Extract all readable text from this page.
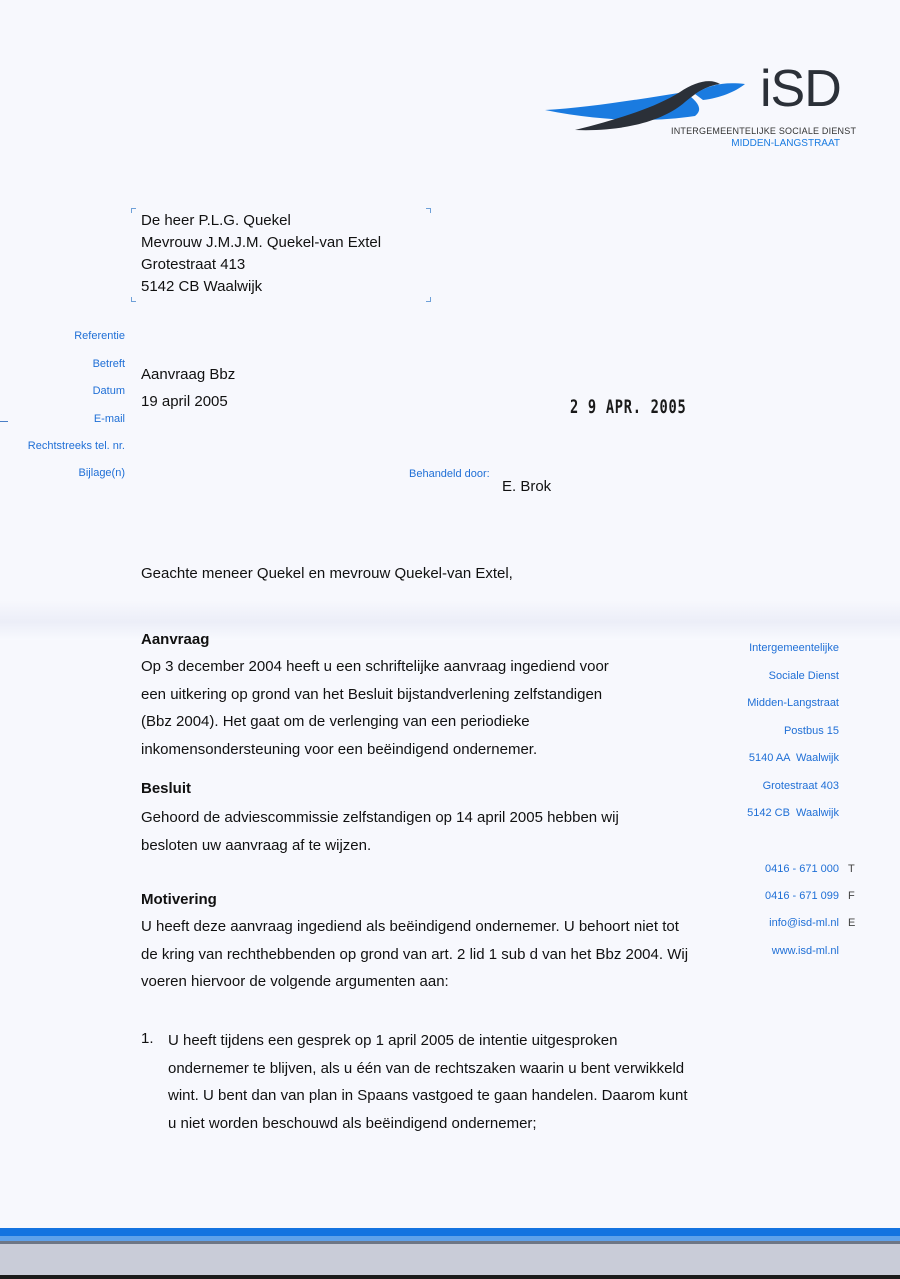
iSD
INTERGEMEENTELIJKE SOCIALE DIENST
MIDDEN-LANGSTRAAT
De heer P.L.G. Quekel
Mevrouw J.M.J.M. Quekel-van Extel
Grotestraat 413
5142 CB Waalwijk
Referentie
Betreft
Datum
E-mail
Rechtstreeks tel. nr.
Bijlage(n)
Aanvraag Bbz
19 april 2005	2 9 APR. 2005
Behandeld door:
E. Brok
Geachte meneer Quekel en mevrouw Quekel-van Extel,
Aanvraag
Op 3 december 2004 heeft u een schriftelijke aanvraag ingediend voor
een uitkering op grond van het Besluit bijstandverlening zelfstandigen
(Bbz 2004). Het gaat om de verlenging van een periodieke
inkomensondersteuning voor een beëindigend ondernemer.
Besluit
Gehoord de adviescommissie zelfstandigen op 14 april 2005 hebben wij
besloten uw aanvraag af te wijzen.
Motivering
U heeft deze aanvraag ingediend als beëindigend ondernemer. U behoort niet tot
de kring van rechthebbenden op grond van art. 2 lid 1 sub d van het Bbz 2004. Wij
voeren hiervoor de volgende argumenten aan:
1. U heeft tijdens een gesprek op 1 april 2005 de intentie uitgesproken
ondernemer te blijven, als u één van de rechtszaken waarin u bent verwikkeld
wint. U bent dan van plan in Spaans vastgoed te gaan handelen. Daarom kunt
u niet worden beschouwd als beëindigend ondernemer;
Intergemeentelijke
Sociale Dienst
Midden-Langstraat
Postbus 15
5140 AA  Waalwijk
Grotestraat 403
5142 CB  Waalwijk
0416 - 671 000 T
0416 - 671 099 F
info@isd-ml.nl E
www.isd-ml.nl
